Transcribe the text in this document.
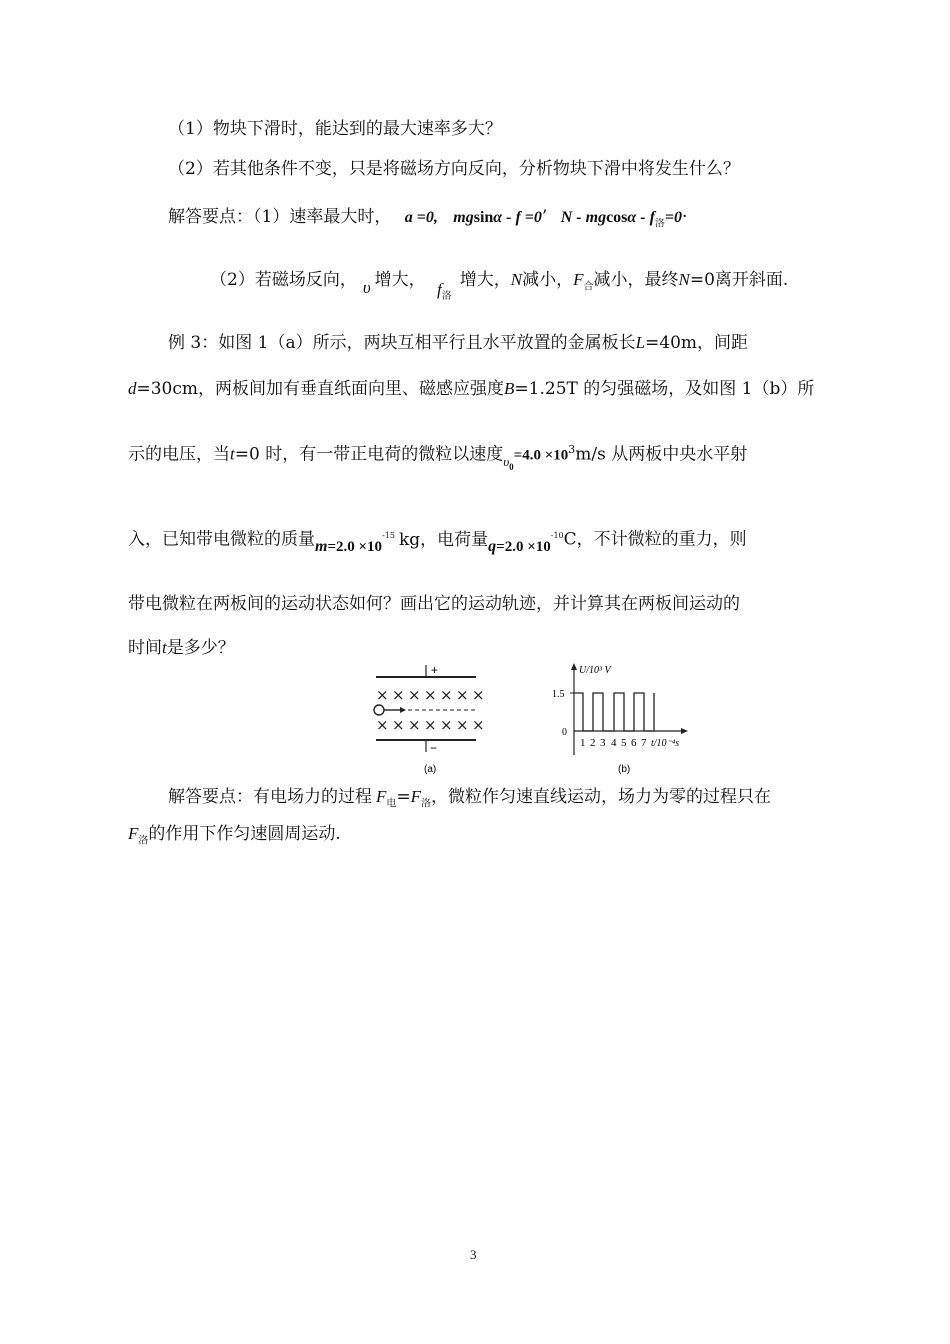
（1）物块下滑时，能达到的最大速率多大？
（2）若其他条件不变，只是将磁场方向反向，分析物块下滑中将发生什么？
解答要点：（1）速率最大时， a =0, mgsinα - f =0’ $N - mgcos\alpha - f_洛=0\cdot$
（2）若磁场反向， υ 增大， $f_洛$增大，N减小，$F_合$减小，最终N=0离开斜面.
例 3：如图 1（a）所示，两块互相平行且水平放置的金属板长L=40m，间距
d=30cm，两板间加有垂直纸面向里、磁感应强度B=1.25T 的匀强磁场，及如图 1（b）所
示的电压，当t=0 时，有一带正电荷的微粒以速度$_{\upsilon 0}=4.0 \times 10^3m/s$ 从两板中央水平射
入，已知带电微粒的质量$m=2.0 \times 10^{-15}$ kg，电荷量$q=2.0 \times 10^{-10}C$，不计微粒的重力，则
带电微粒在两板间的运动状态如何？画出它的运动轨迹，并计算其在两板间运动的
时间t是多少？
+
× × × × × × ×
× × × × × × ×
−
(a)
U/10³ V
1.5
0
1 2 3 4 5 6 7 t/10⁻⁴s
(b)
解答要点：有电场力的过程 $F_电=F_洛$，微粒作匀速直线运动，场力为零的过程只在
$F_洛$的作用下作匀速圆周运动.
3
